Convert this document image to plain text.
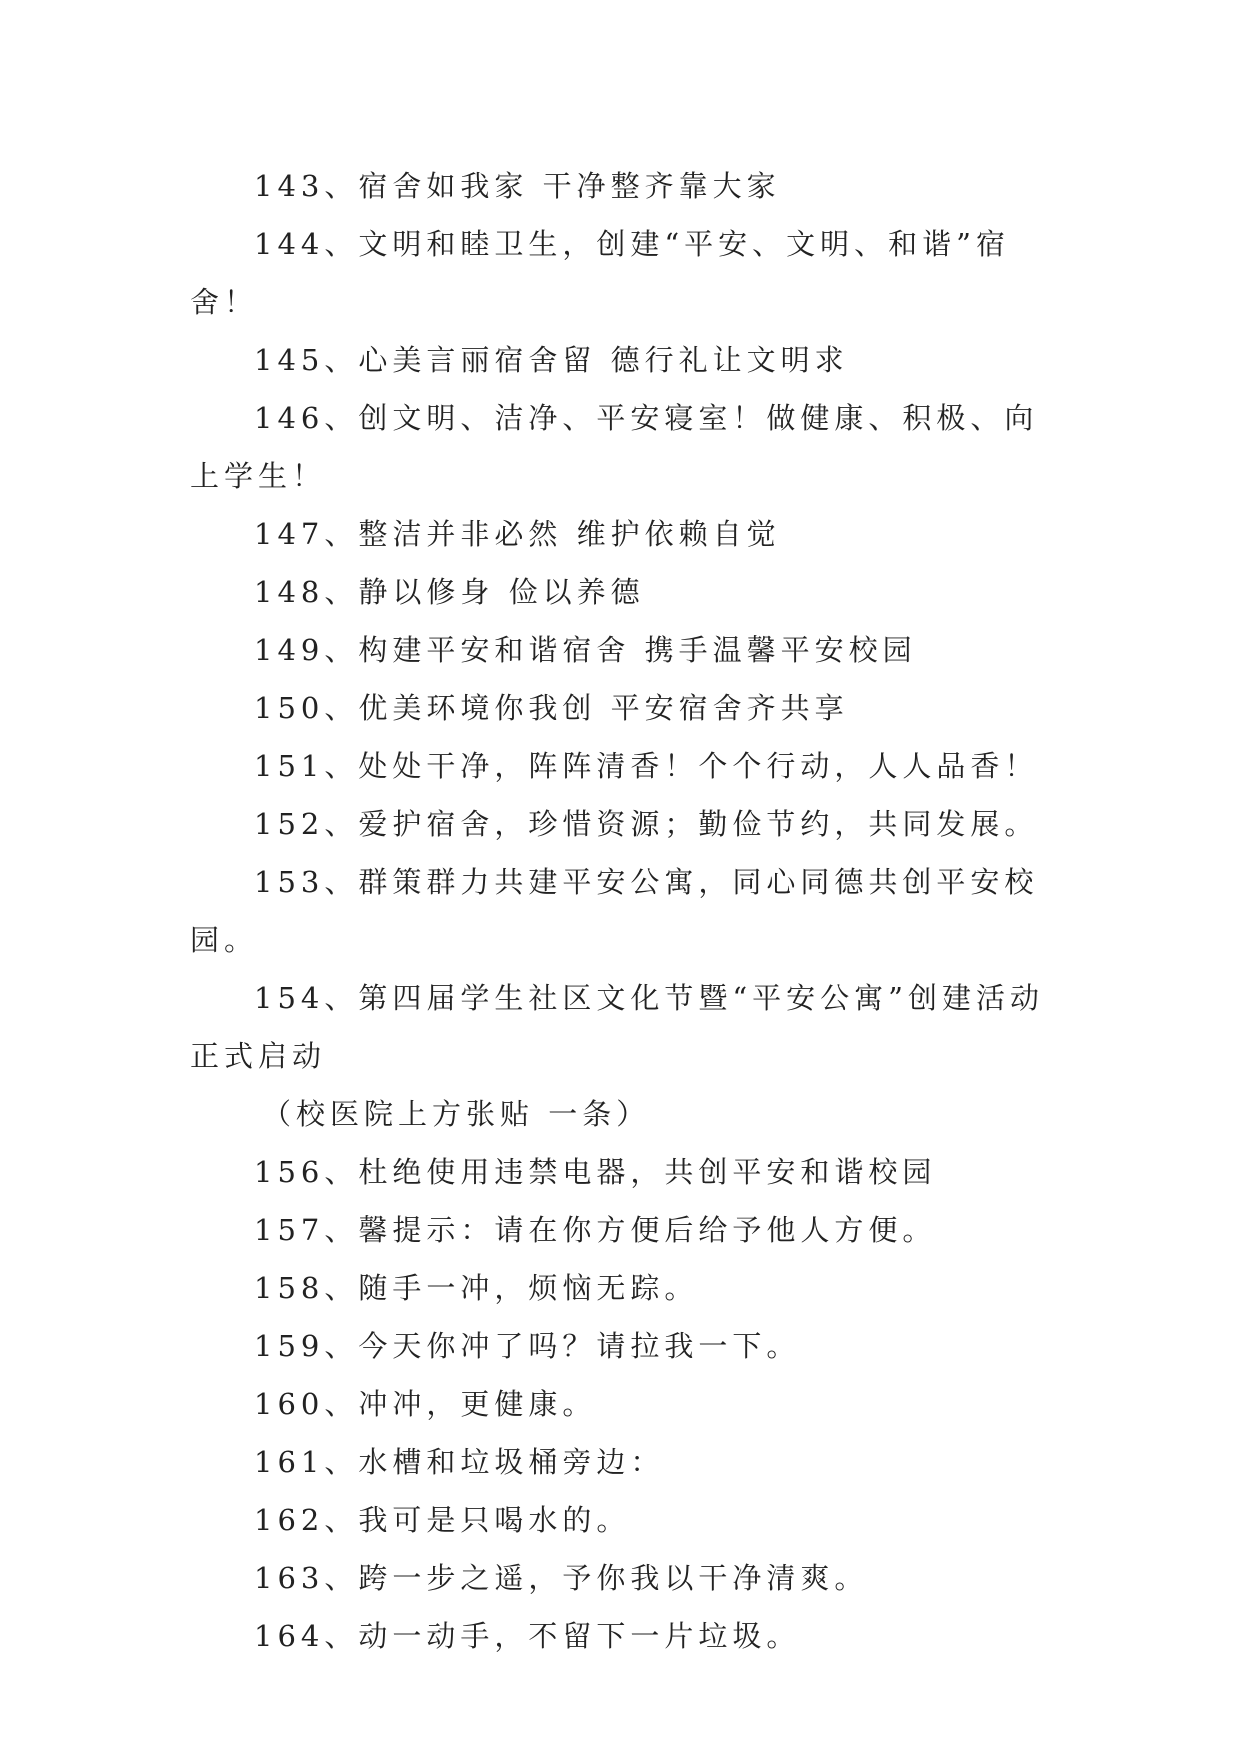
143、宿舍如我家 干净整齐靠大家

144、文明和睦卫生，创建“平安、文明、和谐”宿舍！

145、心美言丽宿舍留 德行礼让文明求

146、创文明、洁净、平安寝室！做健康、积极、向上学生！

147、整洁并非必然 维护依赖自觉

148、静以修身 俭以养德

149、构建平安和谐宿舍 携手温馨平安校园

150、优美环境你我创 平安宿舍齐共享

151、处处干净，阵阵清香！个个行动，人人品香！

152、爱护宿舍，珍惜资源；勤俭节约，共同发展。

153、群策群力共建平安公寓，同心同德共创平安校园。

154、第四届学生社区文化节暨“平安公寓”创建活动正式启动

（校医院上方张贴 一条）

156、杜绝使用违禁电器，共创平安和谐校园

157、馨提示：请在你方便后给予他人方便。

158、随手一冲，烦恼无踪。

159、今天你冲了吗？请拉我一下。

160、冲冲，更健康。

161、水槽和垃圾桶旁边：

162、我可是只喝水的。

163、跨一步之遥，予你我以干净清爽。

164、动一动手，不留下一片垃圾。
